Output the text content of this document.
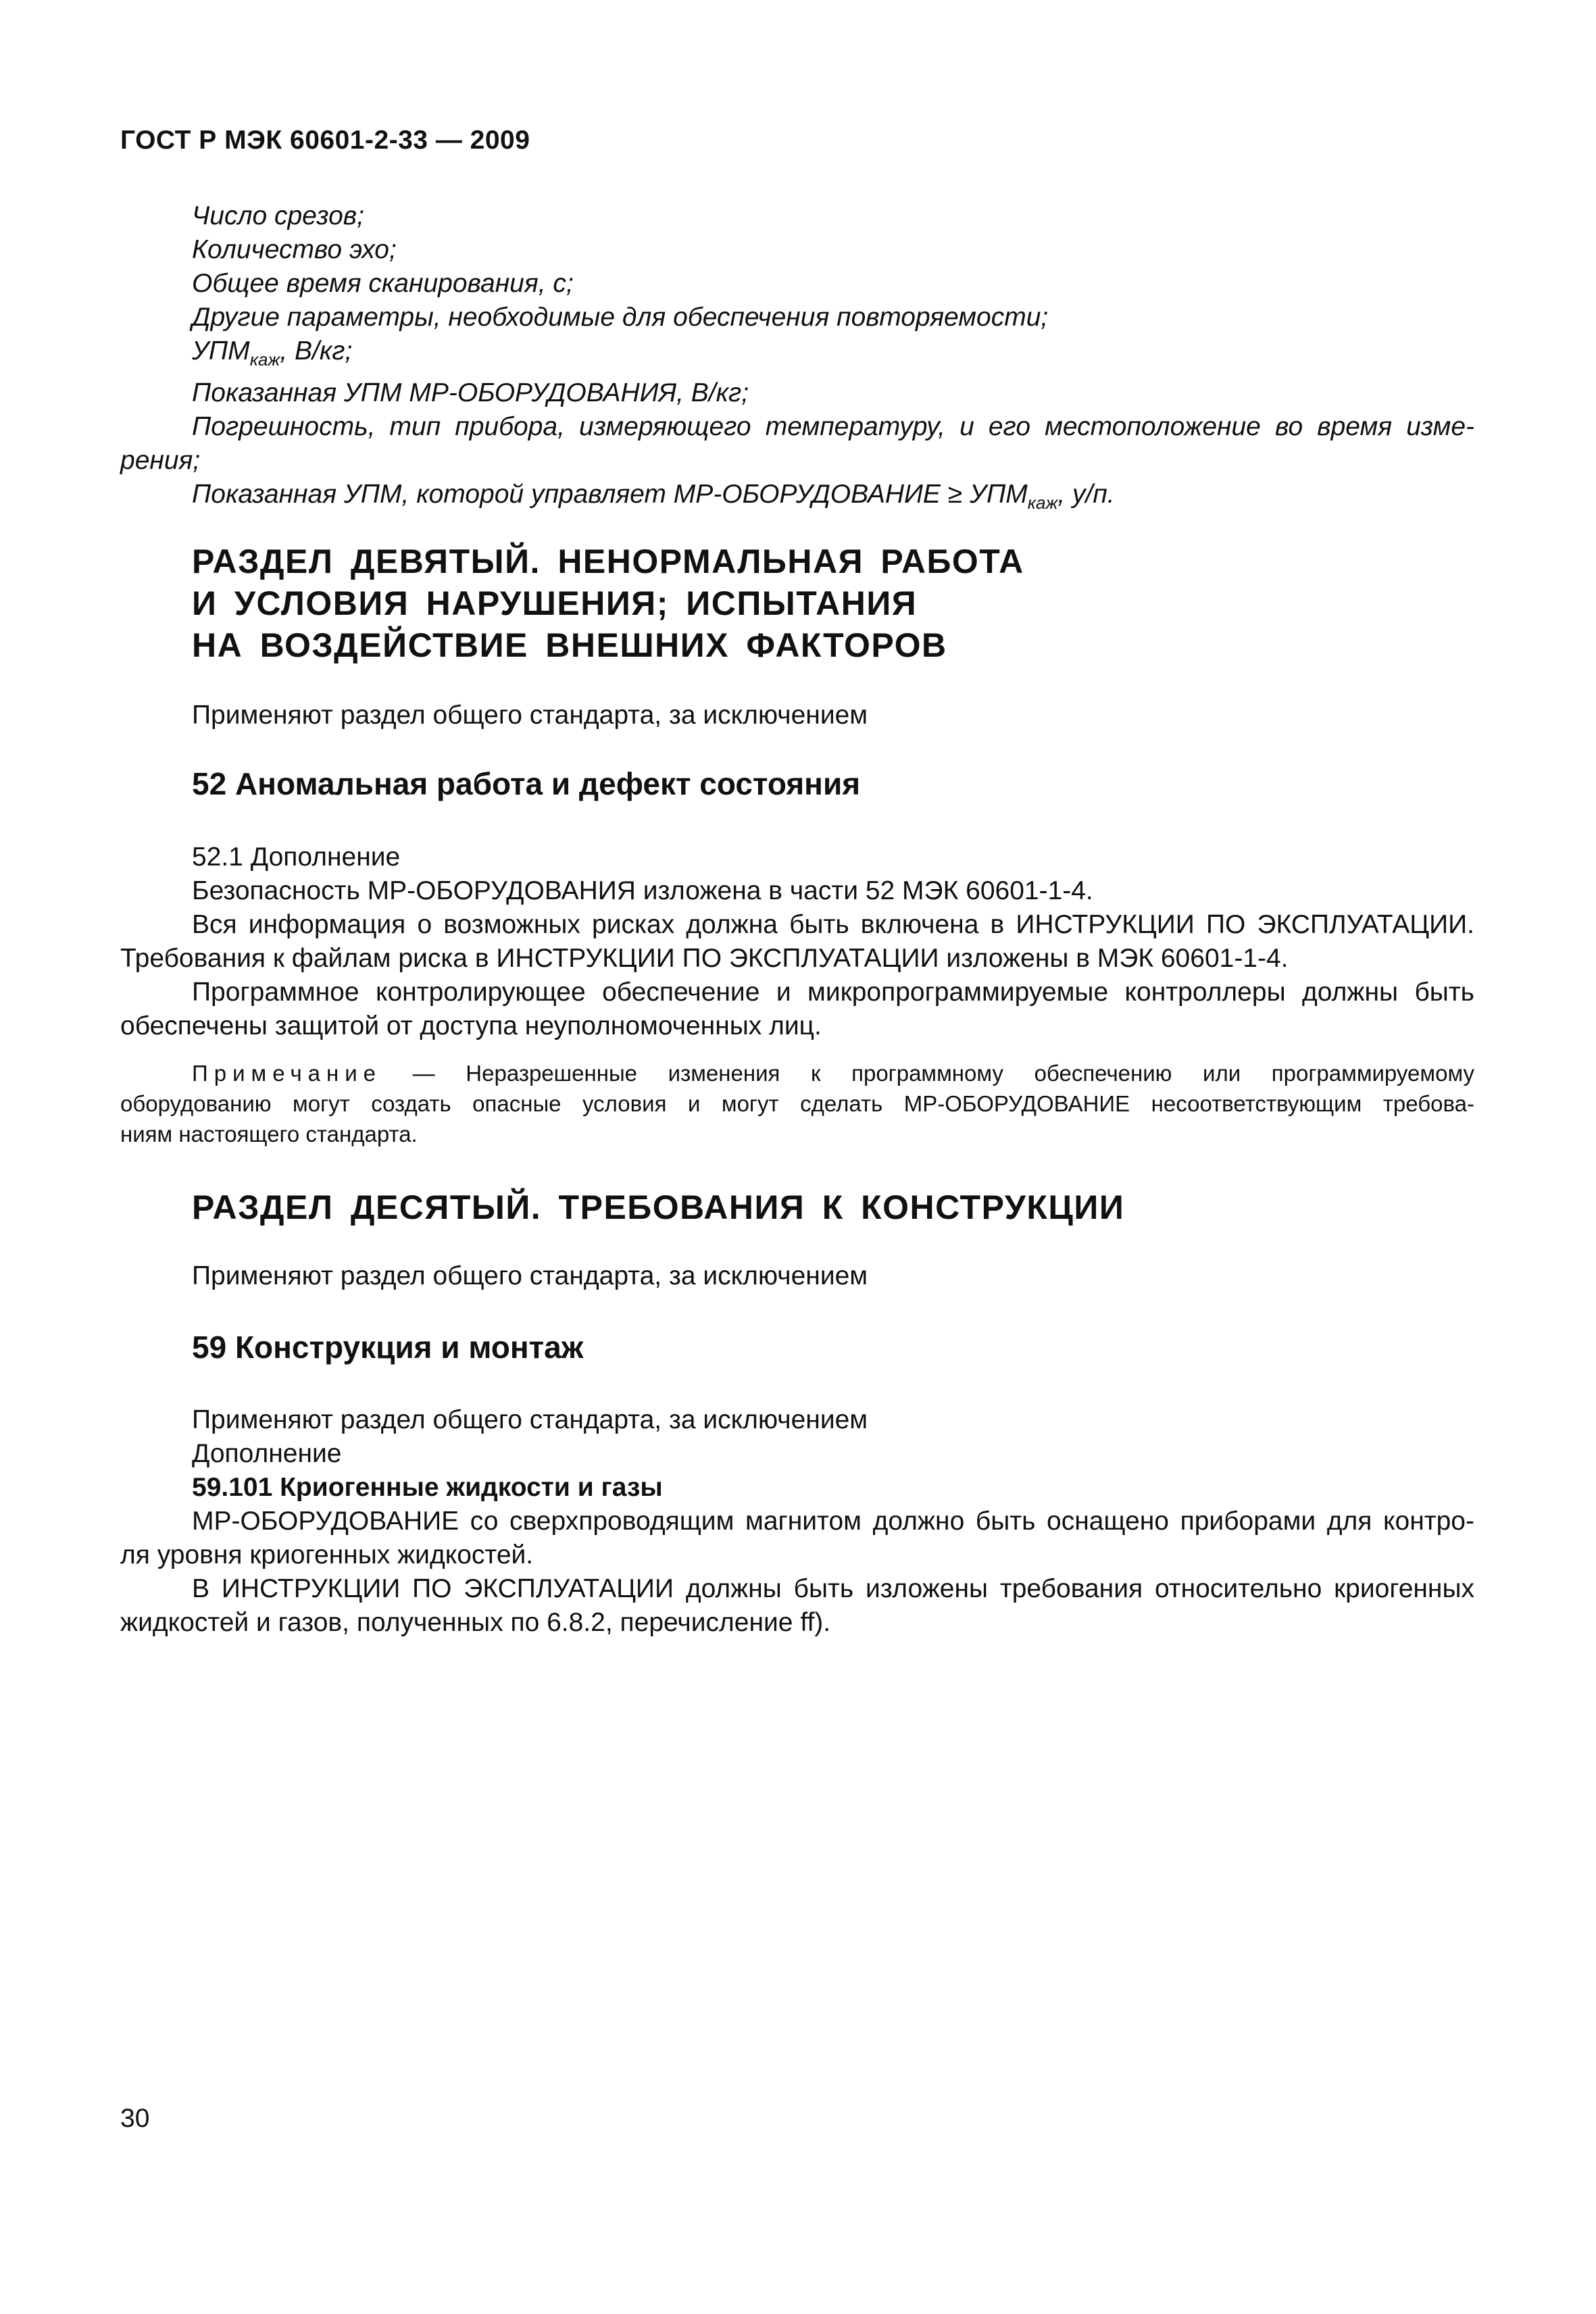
ГОСТ Р МЭК 60601-2-33 — 2009
Число срезов;
Количество эхо;
Общее время сканирования, с;
Другие параметры, необходимые для обеспечения повторяемости;
$УПМ_{каж}$, В/кг;
Показанная УПМ МР-ОБОРУДОВАНИЯ, В/кг;
Погрешность, тип прибора, измеряющего температуру, и его местоположение во время изме-
рения;
Показанная УПМ, которой управляет МР-ОБОРУДОВАНИЕ ≥ $УПМ_{каж}$, у/п.
РАЗДЕЛ ДЕВЯТЫЙ. НЕНОРМАЛЬНАЯ РАБОТА
И УСЛОВИЯ НАРУШЕНИЯ; ИСПЫТАНИЯ
НА ВОЗДЕЙСТВИЕ ВНЕШНИХ ФАКТОРОВ
Применяют раздел общего стандарта, за исключением
52 Аномальная работа и дефект состояния
52.1 Дополнение
Безопасность МР-ОБОРУДОВАНИЯ изложена в части 52 МЭК 60601-1-4.
Вся информация о возможных рисках должна быть включена в ИНСТРУКЦИИ ПО ЭКСПЛУАТАЦИИ.
Требования к файлам риска в ИНСТРУКЦИИ ПО ЭКСПЛУАТАЦИИ изложены в МЭК 60601-1-4.
Программное контролирующее обеспечение и микропрограммируемые контроллеры должны быть
обеспечены защитой от доступа неуполномоченных лиц.
Примечание — Неразрешенные изменения к программному обеспечению или программируемому
оборудованию могут создать опасные условия и могут сделать МР-ОБОРУДОВАНИЕ несоответствующим требова-
ниям настоящего стандарта.
РАЗДЕЛ ДЕСЯТЫЙ. ТРЕБОВАНИЯ К КОНСТРУКЦИИ
Применяют раздел общего стандарта, за исключением
59 Конструкция и монтаж
Применяют раздел общего стандарта, за исключением
Дополнение
59.101 Криогенные жидкости и газы
МР-ОБОРУДОВАНИЕ со сверхпроводящим магнитом должно быть оснащено приборами для контро-
ля уровня криогенных жидкостей.
В ИНСТРУКЦИИ ПО ЭКСПЛУАТАЦИИ должны быть изложены требования относительно криогенных
жидкостей и газов, полученных по 6.8.2, перечисление ff).
30
